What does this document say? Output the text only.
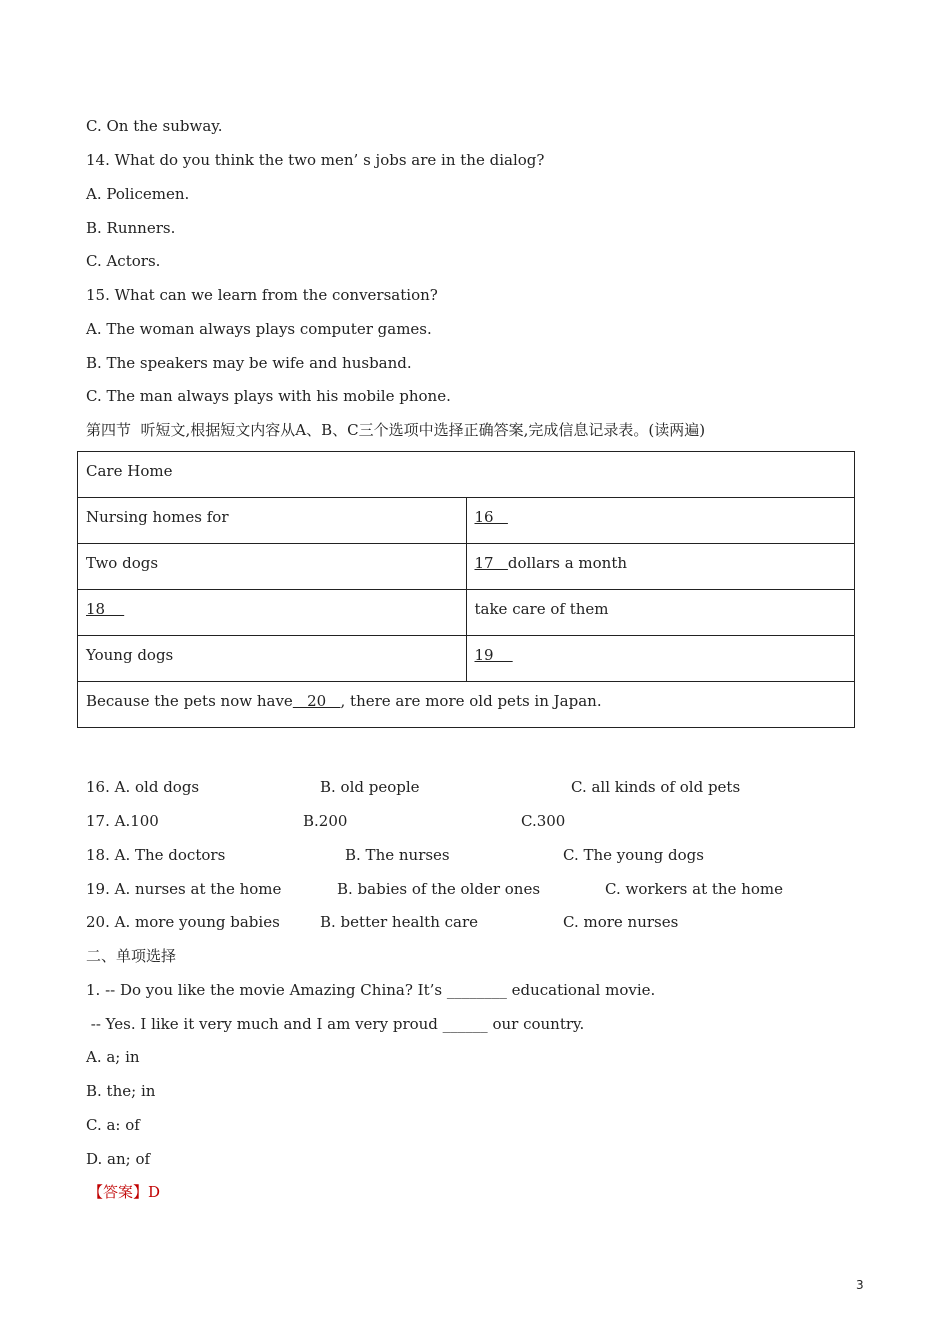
C. On the subway.
14. What do you think the two men’ s jobs are in the dialog?
A. Policemen.
B. Runners.
C. Actors.
15. What can we learn from the conversation?
A. The woman always plays computer games.
B. The speakers may be wife and husband.
C. The man always plays with his mobile phone.
第四节  听短文,根据短文内容从A、B、C三个选项中选择正确答案,完成信息记录表。(读两遍)
Care Home	
Nursing homes for	16
Two dogs	17   dollars a month
18	take care of them
Young dogs	19
Because the pets now have   20   , there are more old pets in Japan.	
16. A. old dogs	B. old people	C. all kinds of old pets
17. A.100	B.200	C.300
18. A. The doctors	B. The nurses	C. The young dogs
19. A. nurses at the home	B. babies of the older ones	C. workers at the home
20. A. more young babies	B. better health care	C. more nurses
二、单项选择
1. -- Do you like the movie Amazing China? It’s ________ educational movie.
-- Yes. I like it very much and I am very proud ______ our country.
A. a; in
B. the; in
C. a: of
D. an; of
【答案】D
3
